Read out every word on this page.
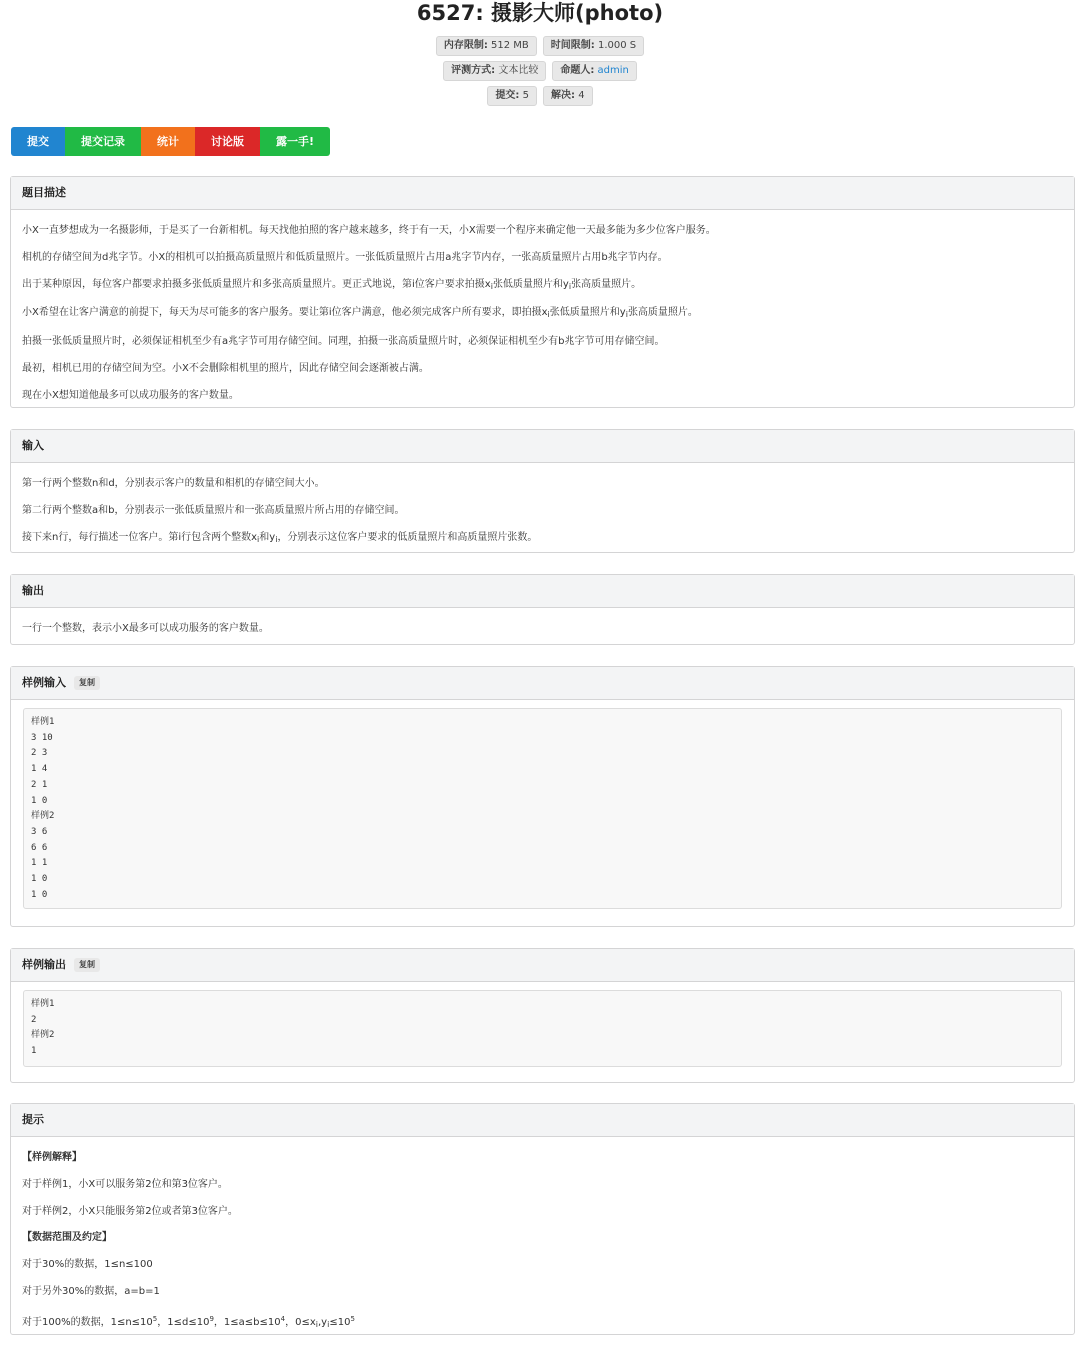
6527: 摄影大师(photo)
内存限制: 512 MB	时间限制: 1.000 S
评测方式: 文本比较	命题人: admin
提交: 5	解决: 4
提交	提交记录	统计	讨论版	露一手!
题目描述

小X一直梦想成为一名摄影师，于是买了一台新相机。每天找他拍照的客户越来越多，终于有一天，小X需要一个程序来确定他一天最多能为多少位客户服务。

相机的存储空间为d兆字节。小X的相机可以拍摄高质量照片和低质量照片。一张低质量照片占用a兆字节内存，一张高质量照片占用b兆字节内存。

出于某种原因，每位客户都要求拍摄多张低质量照片和多张高质量照片。更正式地说，第i位客户要求拍摄$x_i$张低质量照片和$y_i$张高质量照片。

小X希望在让客户满意的前提下，每天为尽可能多的客户服务。要让第i位客户满意，他必须完成客户所有要求，即拍摄$x_i$张低质量照片和$y_i$张高质量照片。

拍摄一张低质量照片时，必须保证相机至少有a兆字节可用存储空间。同理，拍摄一张高质量照片时，必须保证相机至少有b兆字节可用存储空间。

最初，相机已用的存储空间为空。小X不会删除相机里的照片，因此存储空间会逐渐被占满。

现在小X想知道他最多可以成功服务的客户数量。

输入

第一行两个整数n和d，分别表示客户的数量和相机的存储空间大小。

第二行两个整数a和b，分别表示一张低质量照片和一张高质量照片所占用的存储空间。

接下来n行，每行描述一位客户。第i行包含两个整数$x_i$和$y_i$，分别表示这位客户要求的低质量照片和高质量照片张数。

输出

一行一个整数，表示小X最多可以成功服务的客户数量。

样例输入 复制
样例1
3 10
2 3
1 4
2 1
1 0
样例2
3 6
6 6
1 1
1 0
1 0
样例输出 复制
样例1
2
样例2
1
提示

【样例解释】

对于样例1，小X可以服务第2位和第3位客户。

对于样例2，小X只能服务第2位或者第3位客户。

【数据范围及约定】

对于30%的数据，1≤n≤100

对于另外30%的数据，a=b=1

对于100%的数据，$1\le n\le 10^5$，$1\le d\le 10^9$，$1\le a\le b\le 10^4$，$0\le x_i,y_i\le 10^5$
